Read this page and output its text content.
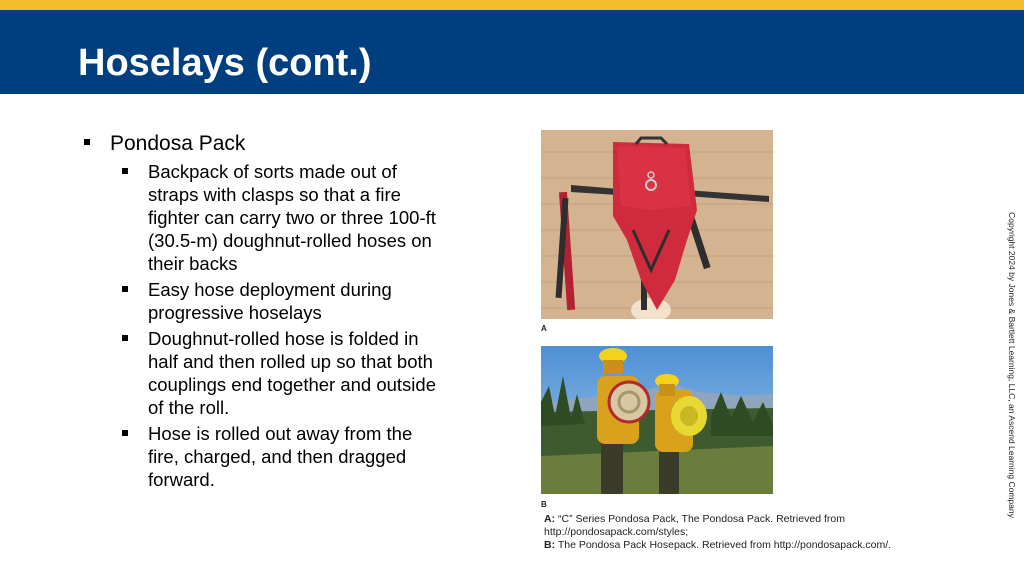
Hoselays (cont.)
Pondosa Pack
Backpack of sorts made out of straps with clasps so that a fire fighter can carry two or three 100-ft (30.5-m) doughnut-rolled hoses on their backs
Easy hose deployment during progressive hoselays
Doughnut-rolled hose is folded in half and then rolled up so that both couplings end together and outside of the roll.
Hose is rolled out away from the fire, charged, and then dragged forward.
A
B
A: “C” Series Pondosa Pack, The Pondosa Pack. Retrieved from http://pondosapack.com/styles;
B: The Pondosa Pack Hosepack. Retrieved from http://pondosapack.com/.
Copyright 2024 by Jones & Bartlett Learning, LLC, an Ascend Learning Company
